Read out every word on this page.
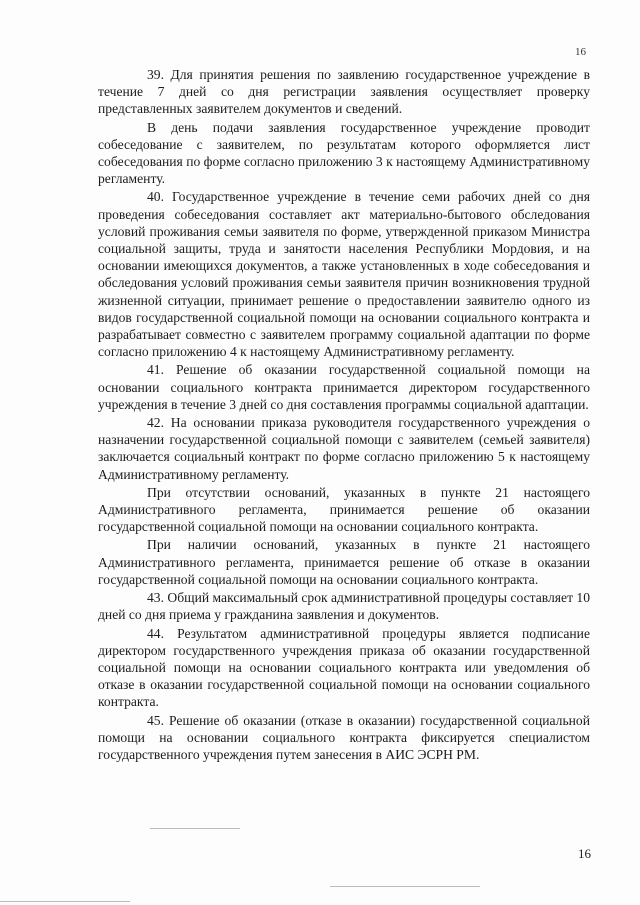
16

39. Для принятия решения по заявлению государственное учреждение в течение 7 дней со дня регистрации заявления осуществляет проверку представленных заявителем документов и сведений.

В день подачи заявления государственное учреждение проводит собеседование с заявителем, по результатам которого оформляется лист собеседования по форме согласно приложению 3 к настоящему Административному регламенту.

40. Государственное учреждение в течение семи рабочих дней со дня проведения собеседования составляет акт материально-бытового обследования условий проживания семьи заявителя по форме, утвержденной приказом Министра социальной защиты, труда и занятости населения Республики Мордовия, и на основании имеющихся документов, а также установленных в ходе собеседования и обследования условий проживания семьи заявителя причин возникновения трудной жизненной ситуации, принимает решение о предоставлении заявителю одного из видов государственной социальной помощи на основании социального контракта и разрабатывает совместно с заявителем программу социальной адаптации по форме согласно приложению 4 к настоящему Административному регламенту.

41. Решение об оказании государственной социальной помощи на основании социального контракта принимается директором государственного учреждения в течение 3 дней со дня составления программы социальной адаптации.

42. На основании приказа руководителя государственного учреждения о назначении государственной социальной помощи с заявителем (семьей заявителя) заключается социальный контракт по форме согласно приложению 5 к настоящему Административному регламенту.

При отсутствии оснований, указанных в пункте 21 настоящего Административного регламента, принимается решение об оказании государственной социальной помощи на основании социального контракта.

При наличии оснований, указанных в пункте 21 настоящего Административного регламента, принимается решение об отказе в оказании государственной социальной помощи на основании социального контракта.

43. Общий максимальный срок административной процедуры составляет 10 дней со дня приема у гражданина заявления и документов.

44. Результатом административной процедуры является подписание директором государственного учреждения приказа об оказании государственной социальной помощи на основании социального контракта или уведомления об отказе в оказании государственной социальной помощи на основании социального контракта.

45. Решение об оказании (отказе в оказании) государственной социальной помощи на основании социального контракта фиксируется специалистом государственного учреждения путем занесения в АИС ЭСРН РМ.

16
